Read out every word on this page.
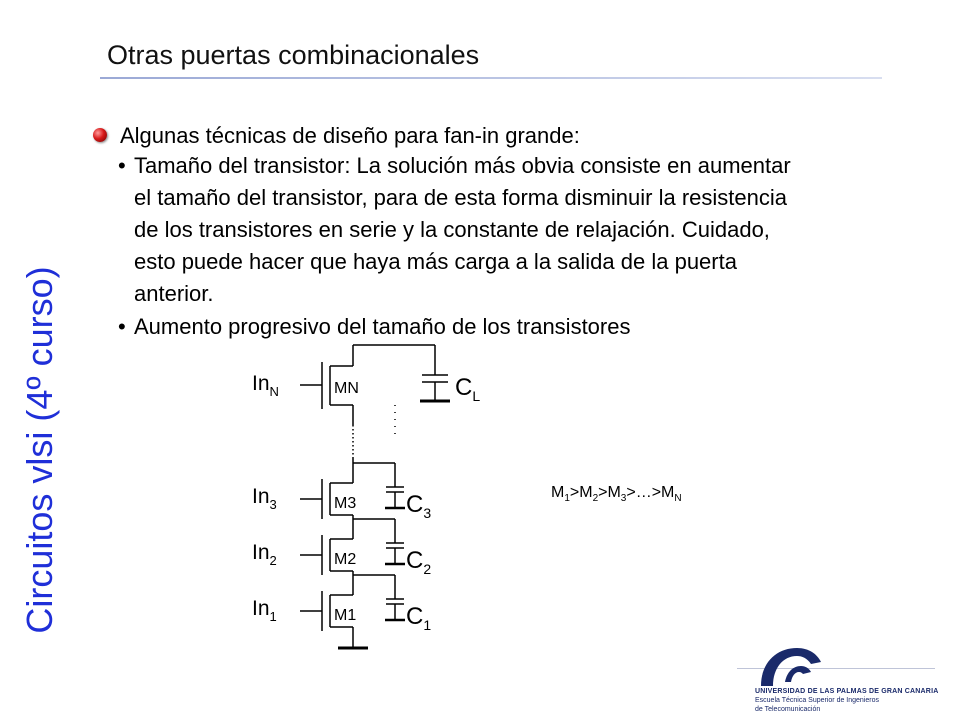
Circuitos vlsi (4º curso)
Otras puertas combinacionales
Algunas técnicas de diseño para fan-in grande:
• Tamaño del transistor: La solución más obvia consiste en aumentar
el tamaño del transistor, para de esta forma disminuir la resistencia
de los transistores en serie y la constante de relajación. Cuidado,
esto puede hacer que haya más carga a la salida de la puerta
anterior.
• Aumento progresivo del tamaño de los transistores
MN
M3
M2
M1
$In_N$
$In_3$
$In_2$
$In_1$
$C_L$
$C_3$
$C_2$
$C_1$
$M_1>M_2>M_3>\dots>M_N$
UNIVERSIDAD DE LAS PALMAS DE GRAN CANARIA
Escuela Técnica Superior de Ingenieros
de Telecomunicación
